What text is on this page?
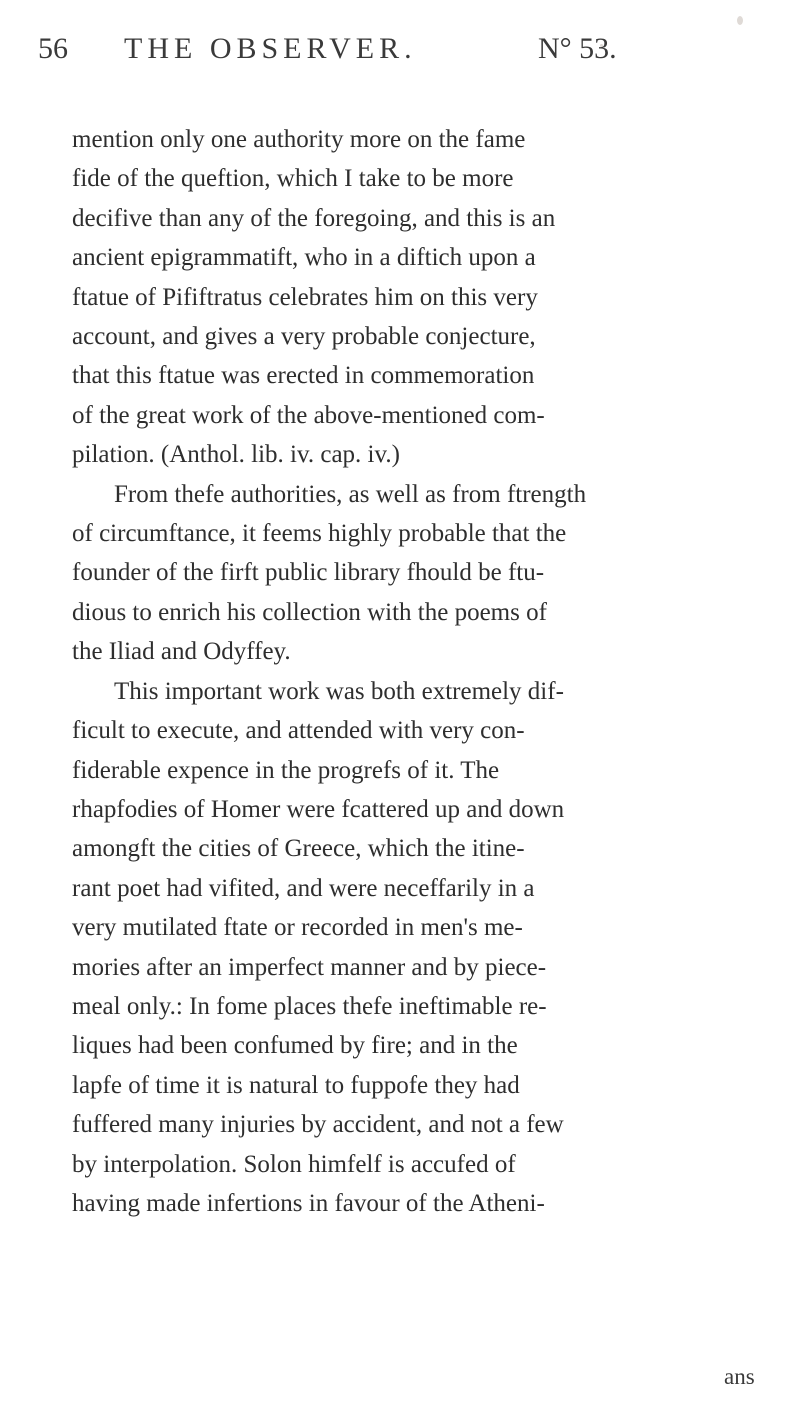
56 THE OBSERVER.	N° 53.
mention only one authority more on the fame
fide of the queftion, which I take to be more
decifive than any of the foregoing, and this is an
ancient epigrammatift, who in a diftich upon a
ftatue of Pififtratus celebrates him on this very
account, and gives a very probable conjecture,
that this ftatue was erected in commemoration
of the great work of the above-mentioned com-
pilation. (Anthol. lib. iv. cap. iv.)
From thefe authorities, as well as from ftrength
of circumftance, it feems highly probable that the
founder of the firft public library fhould be ftu-
dious to enrich his collection with the poems of
the Iliad and Odyffey.
This important work was both extremely dif-
ficult to execute, and attended with very con-
fiderable expence in the progrefs of it. The
rhapfodies of Homer were fcattered up and down
amongft the cities of Greece, which the itine-
rant poet had vifited, and were neceffarily in a
very mutilated ftate or recorded in men's me-
mories after an imperfect manner and by piece-
meal only.: In fome places thefe ineftimable re-
liques had been confumed by fire; and in the
lapfe of time it is natural to fuppofe they had
fuffered many injuries by accident, and not a few
by interpolation. Solon himfelf is accufed of
having made infertions in favour of the Atheni-
ans
